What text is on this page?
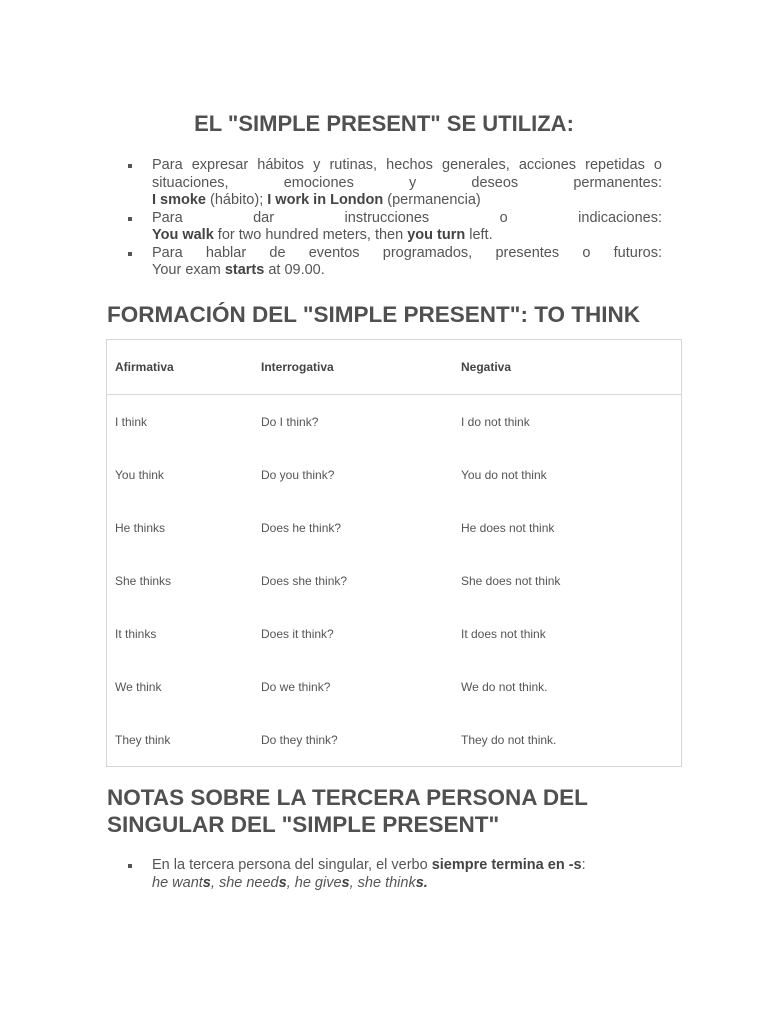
EL "SIMPLE PRESENT" SE UTILIZA:
Para expresar hábitos y rutinas, hechos generales, acciones repetidas o
situaciones, emociones y deseos permanentes:
I smoke (hábito); I work in London (permanencia)
Para dar instrucciones o indicaciones:
You walk for two hundred meters, then you turn left.
Para hablar de eventos programados, presentes o futuros:
Your exam starts at 09.00.
FORMACIÓN DEL "SIMPLE PRESENT": TO THINK
Afirmativa	Interrogativa	Negativa
I think	Do I think?	I do not think
You think	Do you think?	You do not think
He thinks	Does he think?	He does not think
She thinks	Does she think?	She does not think
It thinks	Does it think?	It does not think
We think	Do we think?	We do not think.
They think	Do they think?	They do not think.
NOTAS SOBRE LA TERCERA PERSONA DEL
SINGULAR DEL "SIMPLE PRESENT"
En la tercera persona del singular, el verbo siempre termina en -s:
he wants, she needs, he gives, she thinks.
